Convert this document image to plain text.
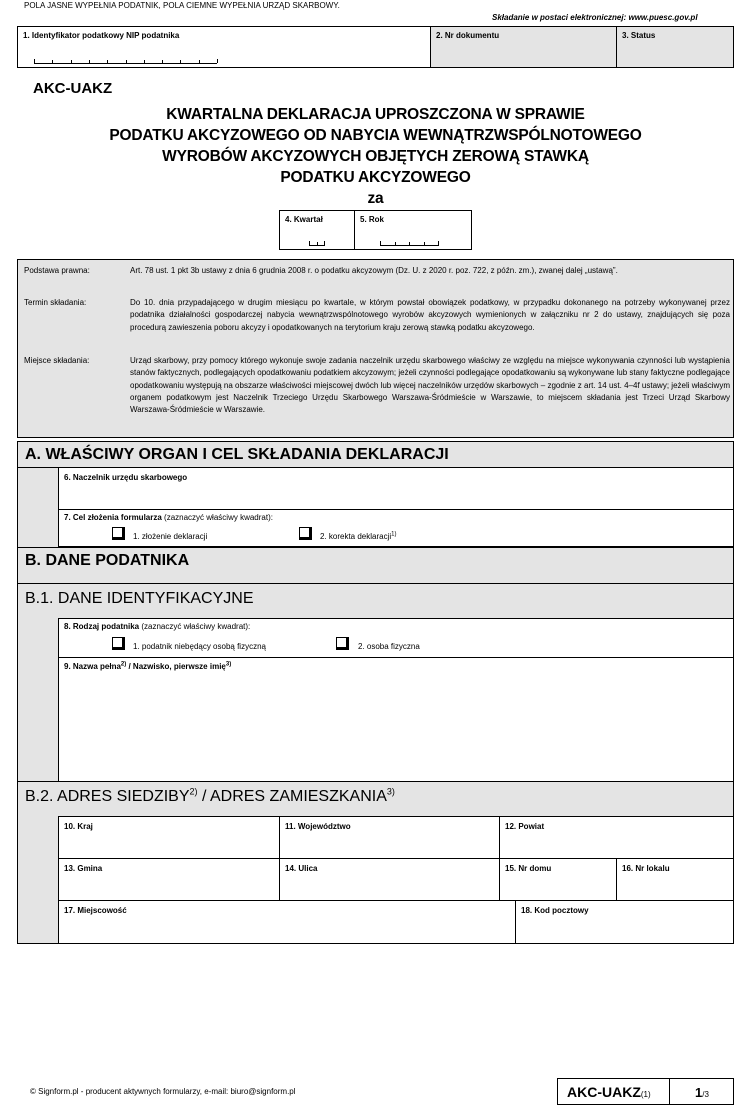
POLA JASNE WYPEŁNIA PODATNIK, POLA CIEMNE WYPEŁNIA URZĄD SKARBOWY.
Składanie w postaci elektronicznej: www.puesc.gov.pl
1. Identyfikator podatkowy NIP podatnika	2. Nr dokumentu	3. Status
AKC-UAKZ
KWARTALNA DEKLARACJA UPROSZCZONA W SPRAWIE
PODATKU AKCYZOWEGO OD NABYCIA WEWNĄTRZWSPÓLNOTOWEGO
WYROBÓW AKCYZOWYCH OBJĘTYCH ZEROWĄ STAWKĄ
PODATKU AKCYZOWEGO
za
4. Kwartał	5. Rok
Podstawa prawna:	Art. 78 ust. 1 pkt 3b ustawy z dnia 6 grudnia 2008 r. o podatku akcyzowym (Dz. U. z 2020 r. poz. 722, z późn. zm.), zwanej dalej „ustawą”.
Termin składania:	Do 10. dnia przypadającego w drugim miesiącu po kwartale, w którym powstał obowiązek podatkowy, w przypadku dokonanego na potrzeby wykonywanej przez podatnika działalności gospodarczej nabycia wewnątrzwspólnotowego wyrobów akcyzowych wymienionych w załączniku nr 2 do ustawy, znajdujących się poza procedurą zawieszenia poboru akcyzy i opodatkowanych na terytorium kraju zerową stawką podatku akcyzowego.
Miejsce składania:	Urząd skarbowy, przy pomocy którego wykonuje swoje zadania naczelnik urzędu skarbowego właściwy ze względu na miejsce wykonywania czynności lub wystąpienia stanów faktycznych, podlegających opodatkowaniu podatkiem akcyzowym; jeżeli czynności podlegające opodatkowaniu są wykonywane lub stany faktyczne podlegające opodatkowaniu występują na obszarze właściwości miejscowej dwóch lub więcej naczelników urzędów skarbowych – zgodnie z art. 14 ust. 4–4f ustawy; jeżeli właściwym organem podatkowym jest Naczelnik Trzeciego Urzędu Skarbowego Warszawa-Śródmieście w Warszawie, to miejscem składania jest Trzeci Urząd Skarbowy Warszawa-Śródmieście w Warszawie.
A. WŁAŚCIWY ORGAN I CEL SKŁADANIA DEKLARACJI
6. Naczelnik urzędu skarbowego
7. Cel złożenia formularza (zaznaczyć właściwy kwadrat):
1. złożenie deklaracji	2. korekta deklaracji$^{1)}$
B. DANE PODATNIKA
B.1. DANE IDENTYFIKACYJNE
8. Rodzaj podatnika (zaznaczyć właściwy kwadrat):
1. podatnik niebędący osobą fizyczną	2. osoba fizyczna
9. Nazwa pełna$^{2)}$ / Nazwisko, pierwsze imię$^{3)}$
B.2. ADRES SIEDZIBY$^{2)}$ / ADRES ZAMIESZKANIA$^{3)}$
10. Kraj	11. Województwo	12. Powiat
13. Gmina	14. Ulica	15. Nr domu	16. Nr lokalu
17. Miejscowość	18. Kod pocztowy
© Signform.pl - producent aktywnych formularzy, e-mail: biuro@signform.pl	AKC-UAKZ(1)	1/3
